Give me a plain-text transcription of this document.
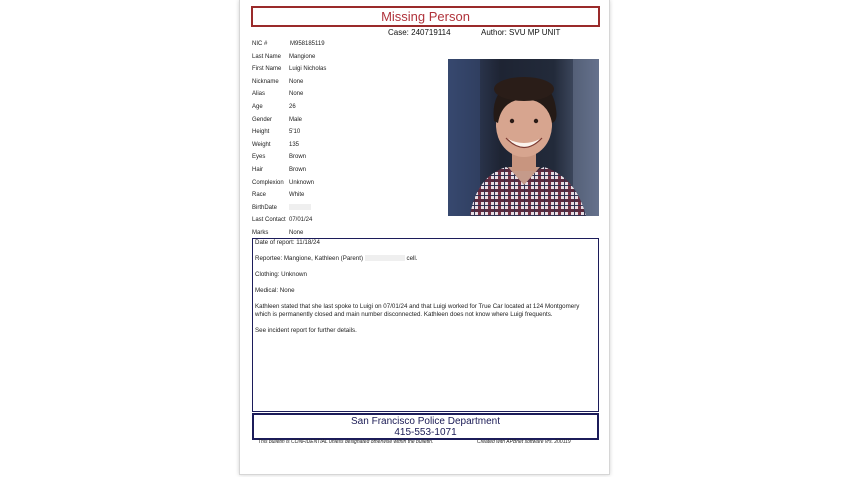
Missing Person
Case: 240719114	Author: SVU MP UNIT
NIC #	M958185119
Last Name	Mangione
First Name	Luigi Nicholas
Nickname	None
Alias	None
Age	26
Gender	Male
Height	5'10
Weight	135
Eyes	Brown
Hair	Brown
Complexion Unknown
Race	White
BirthDate
Last Contact 07/01/24
Marks	None

Date of report: 11/18/24

Reportee: Mangione, Kathleen (Parent)	cell.

Clothing: Unknown

Medical: None

Kathleen stated that she last spoke to Luigi on 07/01/24 and that Luigi worked for True Car located at 124 Montgomery which is permanently closed and main number disconnected. Kathleen does not know where Luigi frequents.

See incident report for further details.

San Francisco Police Department
415-553-1071
This bulletin is CONFIDENTIAL unless designated otherwise within the bulletin.	Created with APBnet software vrs. 200119
